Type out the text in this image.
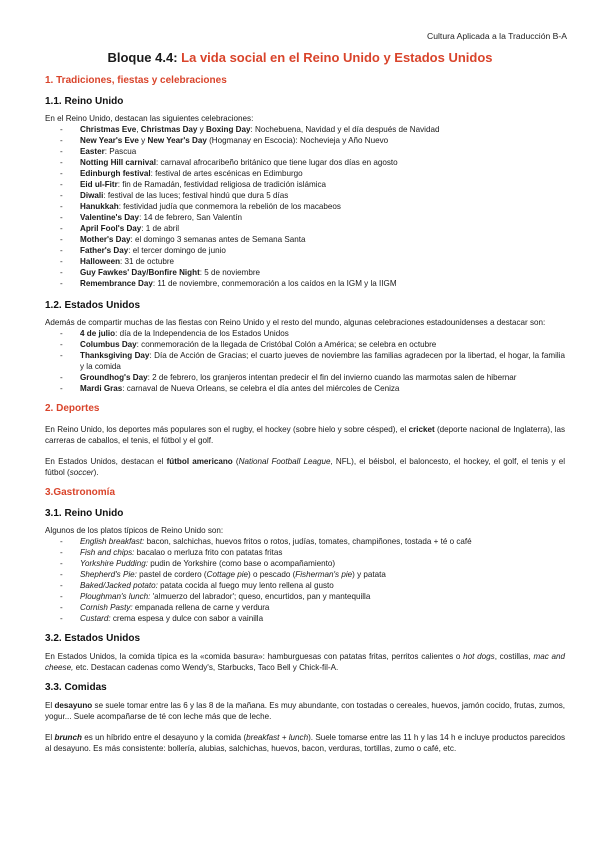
Cultura Aplicada a la Traducción B-A
Bloque 4.4: La vida social en el Reino Unido y Estados Unidos
1. Tradiciones, fiestas y celebraciones
1.1. Reino Unido

En el Reino Unido, destacan las siguientes celebraciones:

- Christmas Eve, Christmas Day y Boxing Day: Nochebuena, Navidad y el día después de Navidad
- New Year's Eve y New Year's Day (Hogmanay en Escocia): Nochevieja y Año Nuevo
- Easter: Pascua
- Notting Hill carnival: carnaval afrocaribeño británico que tiene lugar dos días en agosto
- Edinburgh festival: festival de artes escénicas en Edimburgo
- Eid ul-Fitr: fin de Ramadán, festividad religiosa de tradición islámica
- Diwali: festival de las luces; festival hindú que dura 5 días
- Hanukkah: festividad judía que conmemora la rebelión de los macabeos
- Valentine's Day: 14 de febrero, San Valentín
- April Fool's Day: 1 de abril
- Mother's Day: el domingo 3 semanas antes de Semana Santa
- Father's Day: el tercer domingo de junio
- Halloween: 31 de octubre
- Guy Fawkes' Day/Bonfire Night: 5 de noviembre
- Remembrance Day: 11 de noviembre, conmemoración a los caídos en la IGM y la IIGM
1.2. Estados Unidos

Además de compartir muchas de las fiestas con Reino Unido y el resto del mundo, algunas celebraciones estadounidenses a destacar son:

- 4 de julio: día de la Independencia de los Estados Unidos
- Columbus Day: conmemoración de la llegada de Cristóbal Colón a América; se celebra en octubre
- Thanksgiving Day: Día de Acción de Gracias; el cuarto jueves de noviembre las familias agradecen por la libertad, el hogar, la familia y la comida
- Groundhog's Day: 2 de febrero, los granjeros intentan predecir el fin del invierno cuando las marmotas salen de hibernar
- Mardi Gras: carnaval de Nueva Orleans, se celebra el día antes del miércoles de Ceniza
2. Deportes

En Reino Unido, los deportes más populares son el rugby, el hockey (sobre hielo y sobre césped), el cricket (deporte nacional de Inglaterra), las carreras de caballos, el tenis, el fútbol y el golf.

En Estados Unidos, destacan el fútbol americano (National Football League, NFL), el béisbol, el baloncesto, el hockey, el golf, el tenis y el fútbol (soccer).

3.Gastronomía
3.1. Reino Unido

Algunos de los platos típicos de Reino Unido son:

- English breakfast: bacon, salchichas, huevos fritos o rotos, judías, tomates, champiñones, tostada + té o café
- Fish and chips: bacalao o merluza frito con patatas fritas
- Yorkshire Pudding: pudin de Yorkshire (como base o acompañamiento)
- Shepherd's Pie: pastel de cordero (Cottage pie) o pescado (Fisherman's pie) y patata
- Baked/Jacked potato: patata cocida al fuego muy lento rellena al gusto
- Ploughman's lunch: 'almuerzo del labrador'; queso, encurtidos, pan y mantequilla
- Cornish Pasty: empanada rellena de carne y verdura
- Custard: crema espesa y dulce con sabor a vainilla
3.2. Estados Unidos

En Estados Unidos, la comida típica es la «comida basura»: hamburguesas con patatas fritas, perritos calientes o hot dogs, costillas, mac and cheese, etc. Destacan cadenas como Wendy's, Starbucks, Taco Bell y Chick-fil-A.

3.3. Comidas

El desayuno se suele tomar entre las 6 y las 8 de la mañana. Es muy abundante, con tostadas o cereales, huevos, jamón cocido, frutas, zumos, yogur... Suele acompañarse de té con leche más que de leche.

El brunch es un híbrido entre el desayuno y la comida (breakfast + lunch). Suele tomarse entre las 11 h y las 14 h e incluye productos parecidos al desayuno. Es más consistente: bollería, alubias, salchichas, huevos, bacon, verduras, tortillas, zumo o café, etc.
